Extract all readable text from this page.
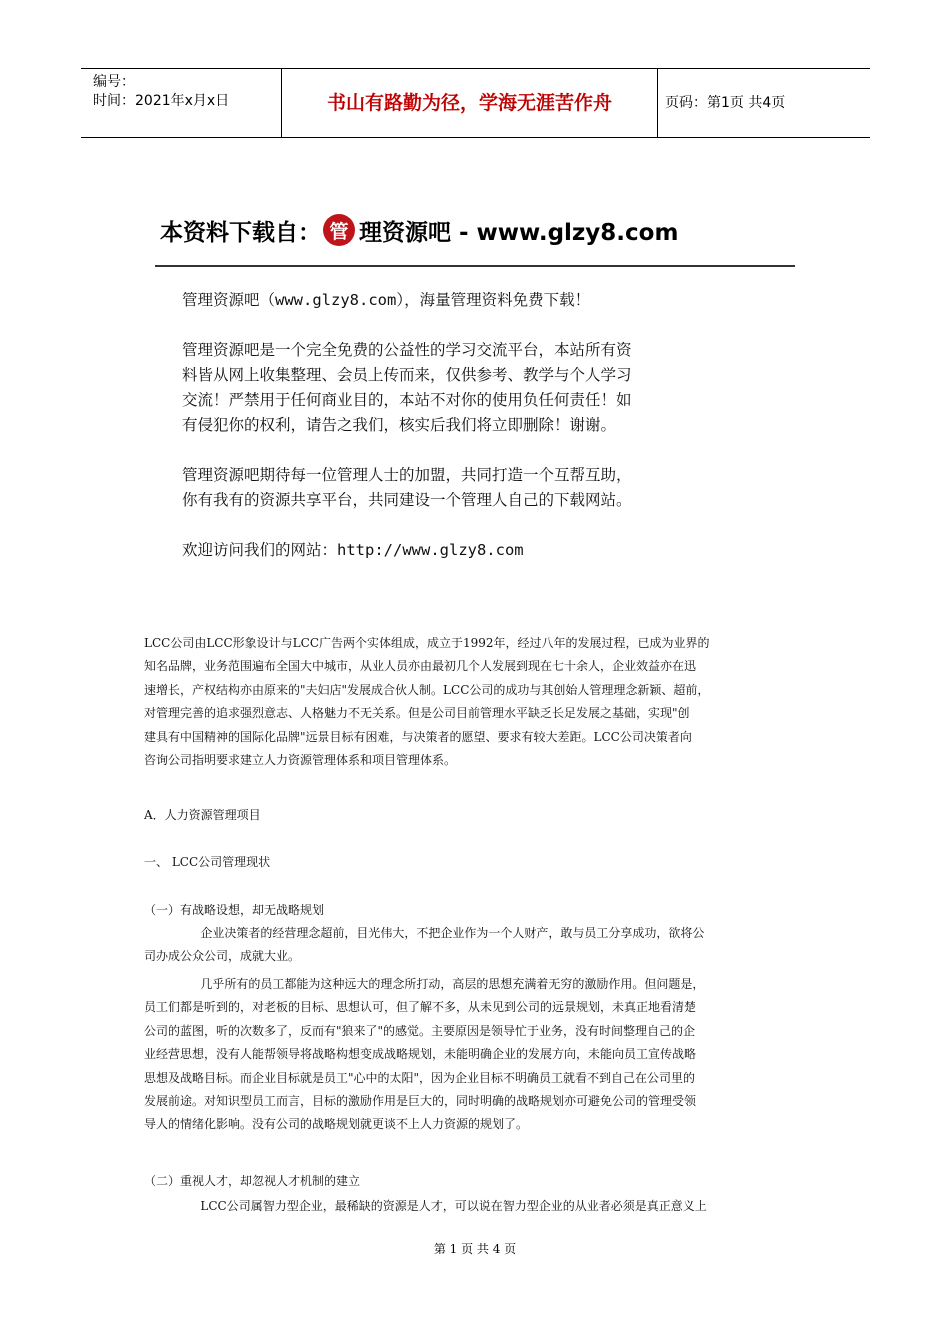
编号：
时间：2021年x月x日	书山有路勤为径，学海无涯苦作舟	页码：第1页 共4页
本资料下载自： 管 理资源吧 - www.glzy8.com

管理资源吧（www.glzy8.com），海量管理资料免费下载！

管理资源吧是一个完全免费的公益性的学习交流平台，本站所有资

料皆从网上收集整理、会员上传而来，仅供参考、教学与个人学习

交流！严禁用于任何商业目的，本站不对你的使用负任何责任！如

有侵犯你的权利，请告之我们，核实后我们将立即删除！谢谢。

管理资源吧期待每一位管理人士的加盟，共同打造一个互帮互助，

你有我有的资源共享平台，共同建设一个管理人自己的下载网站。

欢迎访问我们的网站：http://www.glzy8.com

LCC公司由LCC形象设计与LCC广告两个实体组成，成立于1992年，经过八年的发展过程，已成为业界的

知名品牌，业务范围遍布全国大中城市，从业人员亦由最初几个人发展到现在七十余人，企业效益亦在迅

速增长，产权结构亦由原来的"夫妇店"发展成合伙人制。LCC公司的成功与其创始人管理理念新颖、超前，

对管理完善的追求强烈意志、人格魅力不无关系。但是公司目前管理水平缺乏长足发展之基础，实现"创

建具有中国精神的国际化品牌"远景目标有困难，与决策者的愿望、要求有较大差距。LCC公司决策者向

咨询公司指明要求建立人力资源管理体系和项目管理体系。

A．人力资源管理项目

一、 LCC公司管理现状

（一）有战略设想，却无战略规划

企业决策者的经营理念超前，目光伟大，不把企业作为一个人财产，敢与员工分享成功，欲将公

司办成公众公司，成就大业。

几乎所有的员工都能为这种远大的理念所打动，高层的思想充满着无穷的激励作用。但问题是，

员工们都是听到的，对老板的目标、思想认可，但了解不多，从未见到公司的远景规划，未真正地看清楚

公司的蓝图，听的次数多了，反而有"狼来了"的感觉。主要原因是领导忙于业务，没有时间整理自己的企

业经营思想，没有人能帮领导将战略构想变成战略规划，未能明确企业的发展方向，未能向员工宣传战略

思想及战略目标。而企业目标就是员工"心中的太阳"，因为企业目标不明确员工就看不到自己在公司里的

发展前途。对知识型员工而言，目标的激励作用是巨大的，同时明确的战略规划亦可避免公司的管理受领

导人的情绪化影响。没有公司的战略规划就更谈不上人力资源的规划了。

（二）重视人才，却忽视人才机制的建立

LCC公司属智力型企业，最稀缺的资源是人才，可以说在智力型企业的从业者必须是真正意义上

第 1 页 共 4 页
